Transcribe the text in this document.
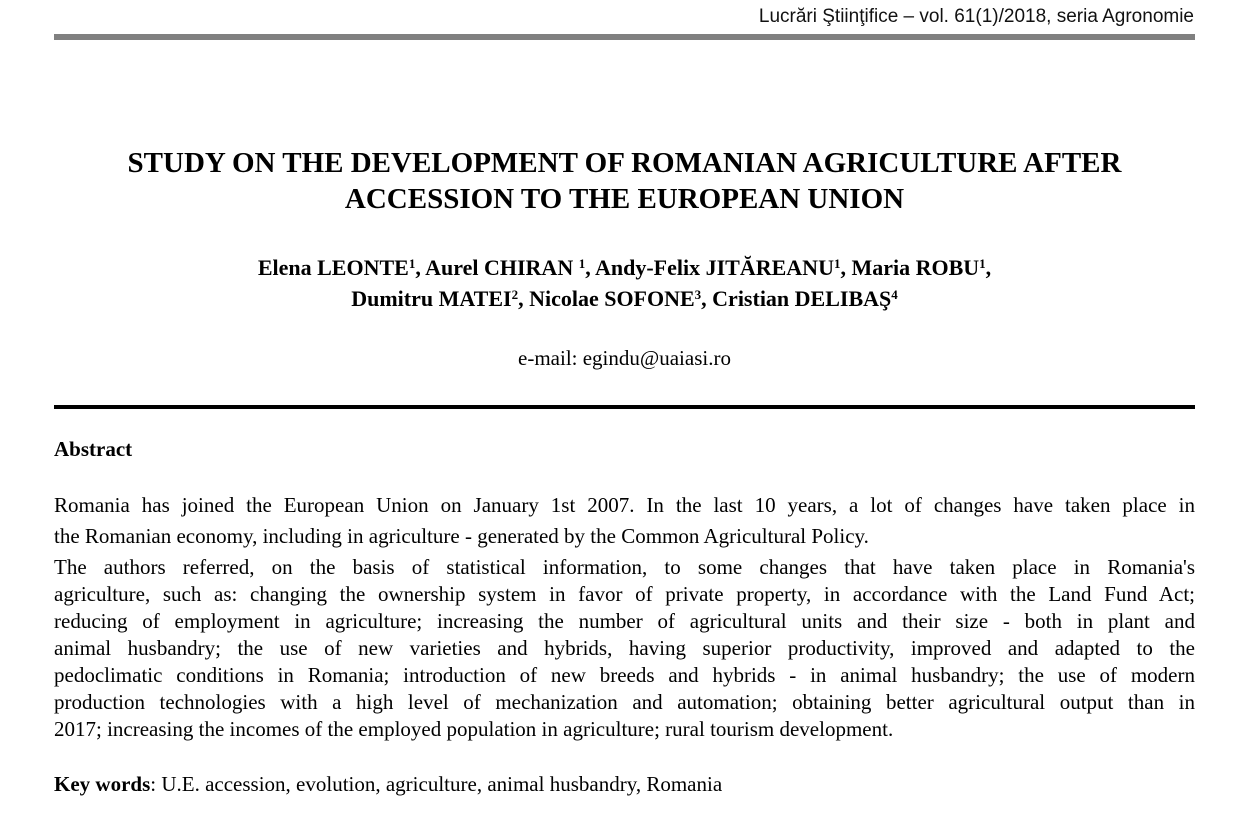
Lucrări Ştiinţifice – vol. 61(1)/2018, seria Agronomie
STUDY ON THE DEVELOPMENT OF ROMANIAN AGRICULTURE AFTER
ACCESSION TO THE EUROPEAN UNION
Elena LEONTE$^1$, Aurel CHIRAN $^1$, Andy-Felix JITĂREANU$^1$, Maria ROBU$^1$,
Dumitru MATEI$^2$, Nicolae SOFONE$^3$, Cristian DELIBAŞ$^4$
e-mail: egindu@uaiasi.ro
Abstract
Romania has joined the European Union on January 1st 2007. In the last 10 years, a lot of changes have taken place in
the Romanian economy, including in agriculture - generated by the Common Agricultural Policy.
The authors referred, on the basis of statistical information, to some changes that have taken place in Romania's
agriculture, such as: changing the ownership system in favor of private property, in accordance with the Land Fund Act;
reducing of employment in agriculture; increasing the number of agricultural units and their size - both in plant and
animal husbandry; the use of new varieties and hybrids, having superior productivity, improved and adapted to the
pedoclimatic conditions in Romania; introduction of new breeds and hybrids - in animal husbandry; the use of modern
production technologies with a high level of mechanization and automation; obtaining better agricultural output than in
2017; increasing the incomes of the employed population in agriculture; rural tourism development.
Key words: U.E. accession, evolution, agriculture, animal husbandry, Romania
